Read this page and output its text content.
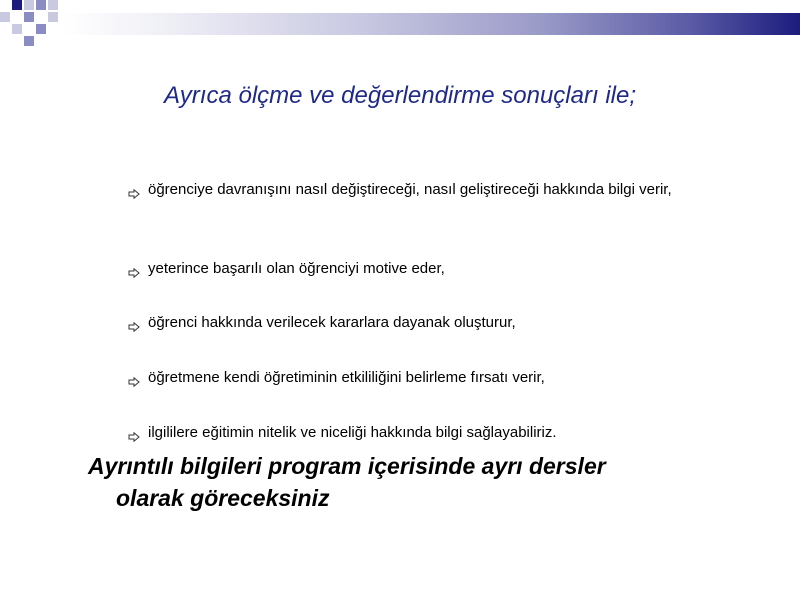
Ayrıca ölçme ve değerlendirme sonuçları ile;
öğrenciye davranışını nasıl değiştireceği, nasıl geliştireceği hakkında bilgi verir,
yeterince başarılı olan öğrenciyi motive eder,
öğrenci hakkında verilecek kararlara dayanak oluşturur,
öğretmene kendi öğretiminin etkililiğini belirleme fırsatı verir,
ilgililere eğitimin nitelik ve niceliği hakkında bilgi sağlayabiliriz.
Ayrıntılı bilgileri program içerisinde ayrı dersler
olarak göreceksiniz
